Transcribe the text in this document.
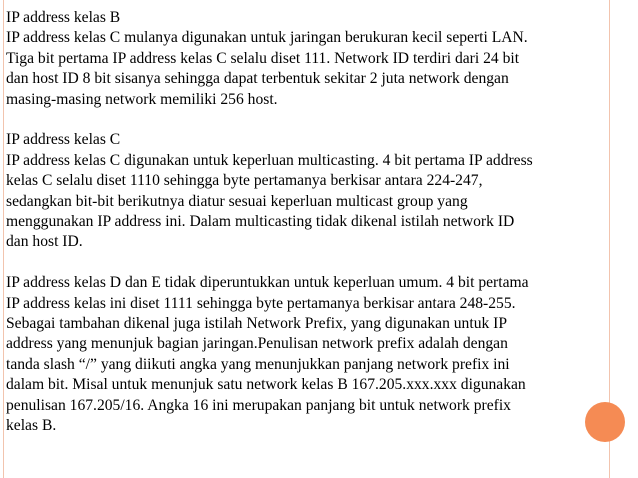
IP address kelas B
IP address kelas C mulanya digunakan untuk jaringan berukuran kecil seperti LAN.
Tiga bit pertama IP address kelas C selalu diset 111. Network ID terdiri dari 24 bit
dan host ID 8 bit sisanya sehingga dapat terbentuk sekitar 2 juta network dengan
masing-masing network memiliki 256 host.

IP address kelas C
IP address kelas C digunakan untuk keperluan multicasting. 4 bit pertama IP address
kelas C selalu diset 1110 sehingga byte pertamanya berkisar antara 224-247,
sedangkan bit-bit berikutnya diatur sesuai keperluan multicast group yang
menggunakan IP address ini. Dalam multicasting tidak dikenal istilah network ID
dan host ID.

IP address kelas D dan E tidak diperuntukkan untuk keperluan umum. 4 bit pertama
IP address kelas ini diset 1111 sehingga byte pertamanya berkisar antara 248-255.
Sebagai tambahan dikenal juga istilah Network Prefix, yang digunakan untuk IP
address yang menunjuk bagian jaringan.Penulisan network prefix adalah dengan
tanda slash “/” yang diikuti angka yang menunjukkan panjang network prefix ini
dalam bit. Misal untuk menunjuk satu network kelas B 167.205.xxx.xxx digunakan
penulisan 167.205/16. Angka 16 ini merupakan panjang bit untuk network prefix
kelas B.
